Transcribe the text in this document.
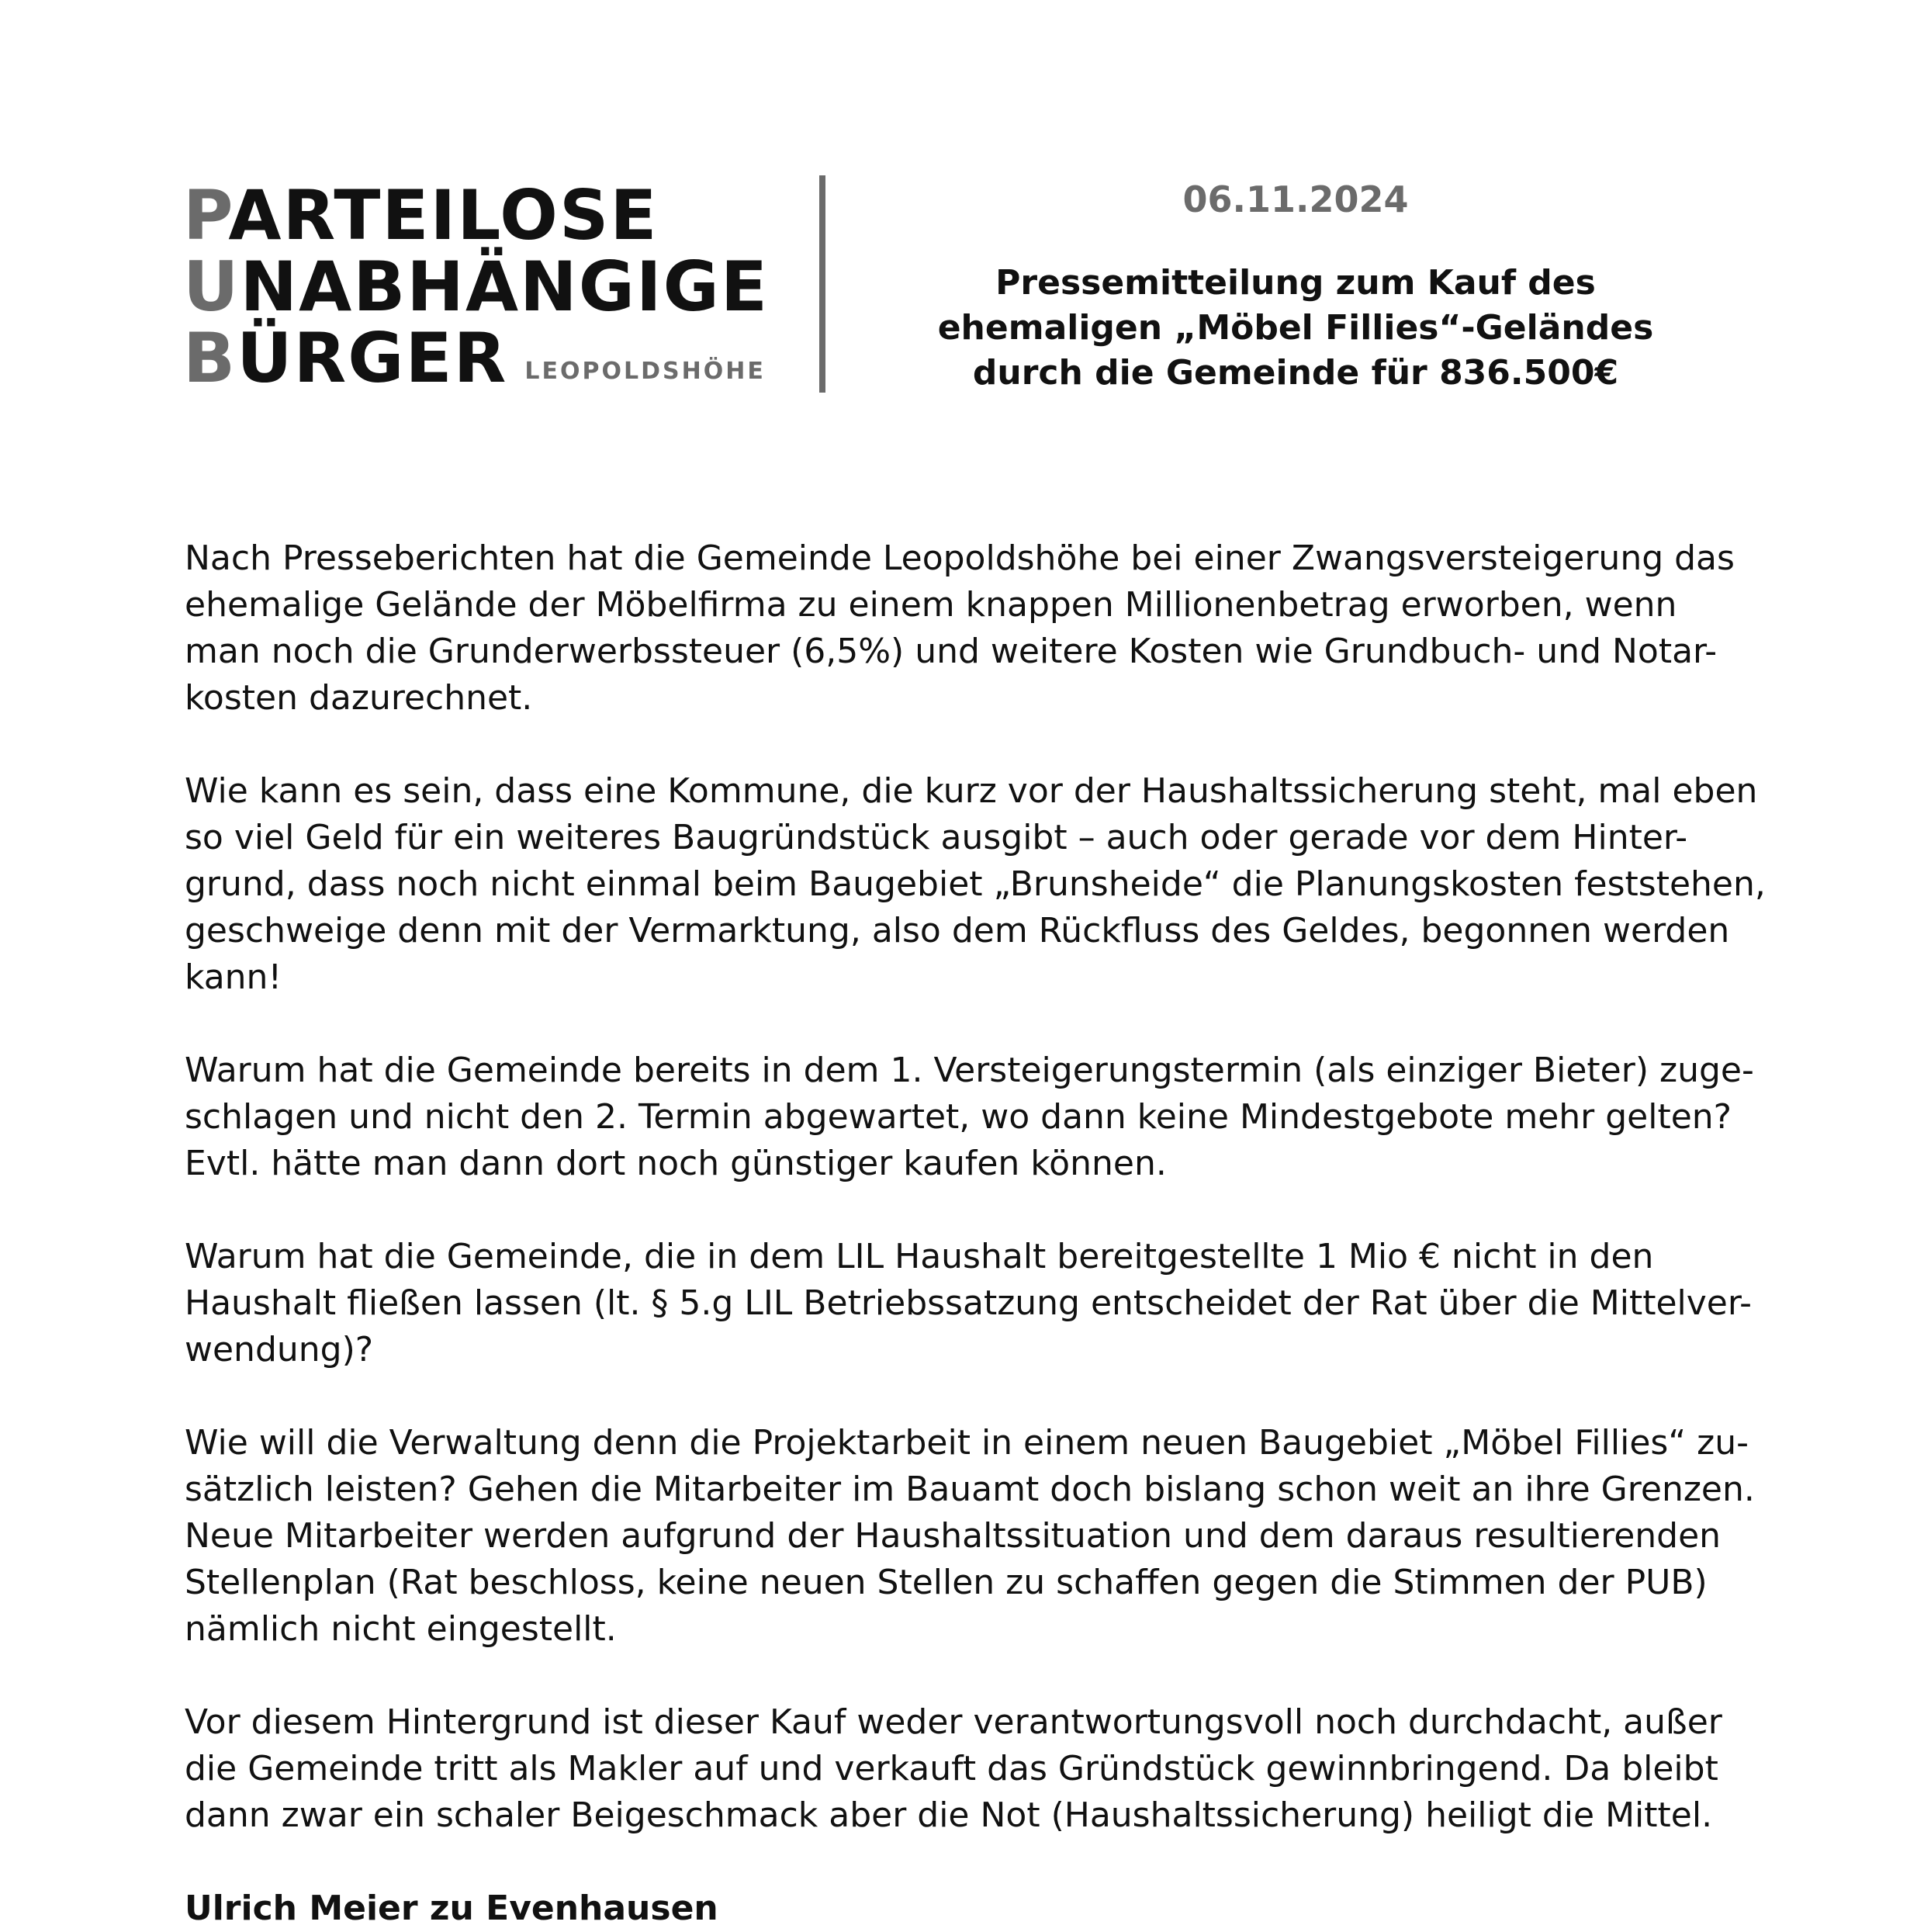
PARTEILOSE
UNABHÄNGIGE
BÜRGER LEOPOLDSHÖHE
06.11.2024
Pressemitteilung zum Kauf des
ehemaligen „Möbel Fillies“-Geländes
durch die Gemeinde für 836.500€
Nach Presseberichten hat die Gemeinde Leopoldshöhe bei einer Zwangsversteigerung das
ehemalige Gelände der Möbelfirma zu einem knappen Millionenbetrag erworben, wenn
man noch die Grunderwerbssteuer (6,5%) und weitere Kosten wie Grundbuch- und Notar-
kosten dazurechnet.
Wie kann es sein, dass eine Kommune, die kurz vor der Haushaltssicherung steht, mal eben
so viel Geld für ein weiteres Baugründstück ausgibt – auch oder gerade vor dem Hinter-
grund, dass noch nicht einmal beim Baugebiet „Brunsheide“ die Planungskosten feststehen,
geschweige denn mit der Vermarktung, also dem Rückfluss des Geldes, begonnen werden
kann!
Warum hat die Gemeinde bereits in dem 1. Versteigerungstermin (als einziger Bieter) zuge-
schlagen und nicht den 2. Termin abgewartet, wo dann keine Mindestgebote mehr gelten?
Evtl. hätte man dann dort noch günstiger kaufen können.
Warum hat die Gemeinde, die in dem LIL Haushalt bereitgestellte 1 Mio € nicht in den
Haushalt fließen lassen (lt. § 5.g LIL Betriebssatzung entscheidet der Rat über die Mittelver-
wendung)?
Wie will die Verwaltung denn die Projektarbeit in einem neuen Baugebiet „Möbel Fillies“ zu-
sätzlich leisten? Gehen die Mitarbeiter im Bauamt doch bislang schon weit an ihre Grenzen.
Neue Mitarbeiter werden aufgrund der Haushaltssituation und dem daraus resultierenden
Stellenplan (Rat beschloss, keine neuen Stellen zu schaffen gegen die Stimmen der PUB)
nämlich nicht eingestellt.
Vor diesem Hintergrund ist dieser Kauf weder verantwortungsvoll noch durchdacht, außer
die Gemeinde tritt als Makler auf und verkauft das Gründstück gewinnbringend. Da bleibt
dann zwar ein schaler Beigeschmack aber die Not (Haushaltssicherung) heiligt die Mittel.
Ulrich Meier zu Evenhausen
